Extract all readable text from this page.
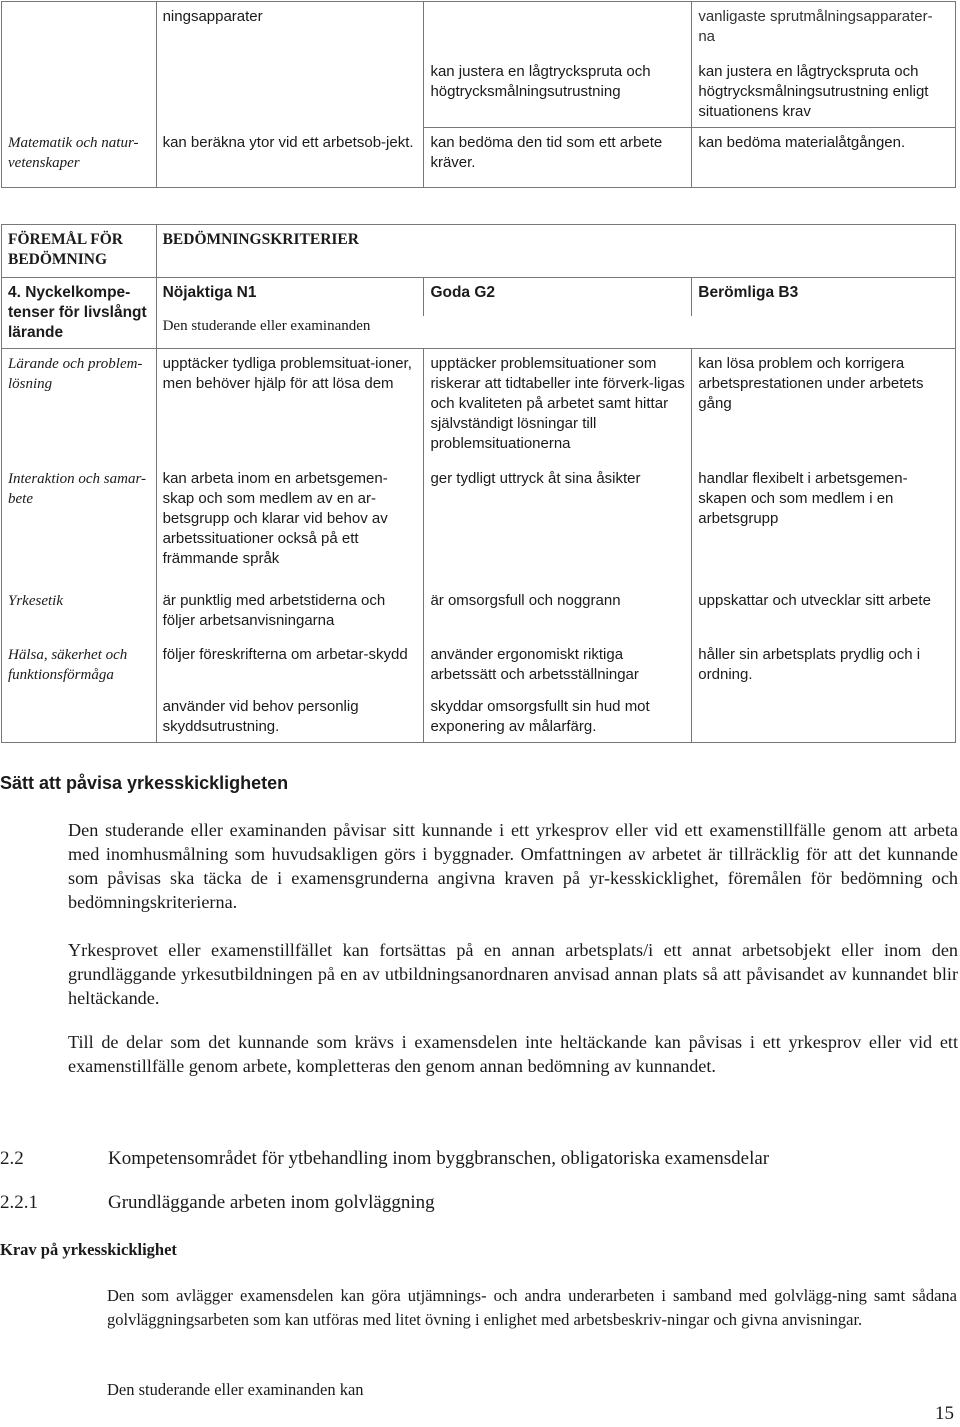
	ningsapparater		vanligaste sprutmålningsapparater-na
		kan justera en lågtryckspruta och högtrycksmålningsutrustning	kan justera en lågtryckspruta och högtrycksmålningsutrustning enligt situationens krav
Matematik och natur-vetenskaper	kan beräkna ytor vid ett arbetsob-jekt.	kan bedöma den tid som ett arbete kräver.	kan bedöma materialåtgången.
FÖREMÅL FÖR BEDÖMNING	BEDÖMNINGSKRITERIER		
4. Nyckelkompe-tenser för livslångt lärande	Nöjaktiga N1	Goda G2	Berömliga B3
	Den studerande eller examinanden		
Lärande och problem-lösning	upptäcker tydliga problemsituat-ioner, men behöver hjälp för att lösa dem	upptäcker problemsituationer som riskerar att tidtabeller inte förverk-ligas och kvaliteten på arbetet samt hittar självständigt lösningar till problemsituationerna	kan lösa problem och korrigera arbetsprestationen under arbetets gång
Interaktion och samar-bete	kan arbeta inom en arbetsgemen-skap och som medlem av en ar-betsgrupp och klarar vid behov av arbetssituationer också på ett främmande språk	ger tydligt uttryck åt sina åsikter	handlar flexibelt i arbetsgemen-skapen och som medlem i en arbetsgrupp
Yrkesetik	är punktlig med arbetstiderna och följer arbetsanvisningarna	är omsorgsfull och noggrann	uppskattar och utvecklar sitt arbete
Hälsa, säkerhet och funktionsförmåga	följer föreskrifterna om arbetar-skydd	använder ergonomiskt riktiga arbetssätt och arbetsställningar	håller sin arbetsplats prydlig och i ordning.
	använder vid behov personlig skyddsutrustning.	skyddar omsorgsfullt sin hud mot exponering av målarfärg.	
Sätt att påvisa yrkesskickligheten

Den studerande eller examinanden påvisar sitt kunnande i ett yrkesprov eller vid ett examenstillfälle genom att arbeta med inomhusmålning som huvudsakligen görs i byggnader. Omfattningen av arbetet är tillräcklig för att det kunnande som påvisas ska täcka de i examensgrunderna angivna kraven på yr-kesskicklighet, föremålen för bedömning och bedömningskriterierna.

Yrkesprovet eller examenstillfället kan fortsättas på en annan arbetsplats/i ett annat arbetsobjekt eller inom den grundläggande yrkesutbildningen på en av utbildningsanordnaren anvisad annan plats så att påvisandet av kunnandet blir heltäckande.

Till de delar som det kunnande som krävs i examensdelen inte heltäckande kan påvisas i ett yrkesprov eller vid ett examenstillfälle genom arbete, kompletteras den genom annan bedömning av kunnandet.

2.2	Kompetensområdet för ytbehandling inom byggbranschen, obligatoriska examensdelar
2.2.1	Grundläggande arbeten inom golvläggning
Krav på yrkesskicklighet

Den som avlägger examensdelen kan göra utjämnings- och andra underarbeten i samband med golvlägg-ning samt sådana golvläggningsarbeten som kan utföras med litet övning i enlighet med arbetsbeskriv-ningar och givna anvisningar.

Den studerande eller examinanden kan

15
